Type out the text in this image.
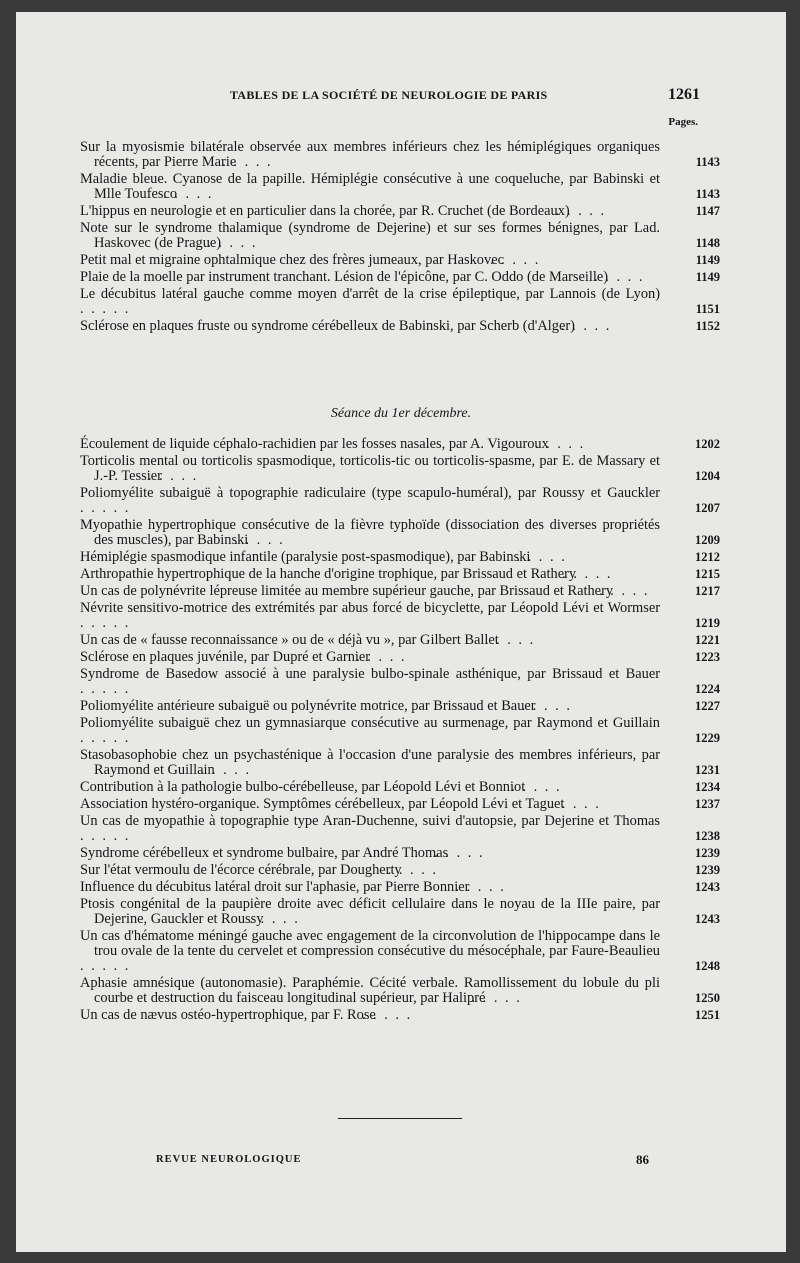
TABLES DE LA SOCIÉTÉ DE NEUROLOGIE DE PARIS	1261
Pages.
Sur la myosismie bilatérale observée aux membres inférieurs chez les hémiplégiques organiques récents, par Pierre Marie. . . . .	1143
Maladie bleue. Cyanose de la papille. Hémiplégie consécutive à une coqueluche, par Babinski et Mlle Toufesco. . . . .	1143
L'hippus en neurologie et en particulier dans la chorée, par R. Cruchet (de Bordeaux). . . . .	1147
Note sur le syndrome thalamique (syndrome de Dejerine) et sur ses formes bénignes, par Lad. Haskovec (de Prague). . . . .	1148
Petit mal et migraine ophtalmique chez des frères jumeaux, par Haskovec. . . . .	1149
Plaie de la moelle par instrument tranchant. Lésion de l'épicône, par C. Oddo (de Marseille). . . . .	1149
Le décubitus latéral gauche comme moyen d'arrêt de la crise épileptique, par Lannois (de Lyon). . . . .	1151
Sclérose en plaques fruste ou syndrome cérébelleux de Babinski, par Scherb (d'Alger). . . . .	1152
Séance du 1er décembre.
Écoulement de liquide céphalo-rachidien par les fosses nasales, par A. Vigouroux. . . . .	1202
Torticolis mental ou torticolis spasmodique, torticolis-tic ou torticolis-spasme, par E. de Massary et J.-P. Tessier. . . . .	1204
Poliomyélite subaiguë à topographie radiculaire (type scapulo-huméral), par Roussy et Gauckler. . . . .	1207
Myopathie hypertrophique consécutive de la fièvre typhoïde (dissociation des diverses propriétés des muscles), par Babinski. . . . .	1209
Hémiplégie spasmodique infantile (paralysie post-spasmodique), par Babinski. . . . .	1212
Arthropathie hypertrophique de la hanche d'origine trophique, par Brissaud et Rathery. . . . .	1215
Un cas de polynévrite lépreuse limitée au membre supérieur gauche, par Brissaud et Rathery. . . . .	1217
Névrite sensitivo-motrice des extrémités par abus forcé de bicyclette, par Léopold Lévi et Wormser. . . . .	1219
Un cas de « fausse reconnaissance » ou de « déjà vu », par Gilbert Ballet. . . . .	1221
Sclérose en plaques juvénile, par Dupré et Garnier. . . . .	1223
Syndrome de Basedow associé à une paralysie bulbo-spinale asthénique, par Brissaud et Bauer. . . . .	1224
Poliomyélite antérieure subaiguë ou polynévrite motrice, par Brissaud et Bauer. . . . .	1227
Poliomyélite subaiguë chez un gymnasiarque consécutive au surmenage, par Raymond et Guillain. . . . .	1229
Stasobasophobie chez un psychasténique à l'occasion d'une paralysie des membres inférieurs, par Raymond et Guillain. . . . .	1231
Contribution à la pathologie bulbo-cérébelleuse, par Léopold Lévi et Bonniot. . . . .	1234
Association hystéro-organique. Symptômes cérébelleux, par Léopold Lévi et Taguet. . . . .	1237
Un cas de myopathie à topographie type Aran-Duchenne, suivi d'autopsie, par Dejerine et Thomas. . . . .	1238
Syndrome cérébelleux et syndrome bulbaire, par André Thomas. . . . .	1239
Sur l'état vermoulu de l'écorce cérébrale, par Dougherty. . . . .	1239
Influence du décubitus latéral droit sur l'aphasie, par Pierre Bonnier. . . . .	1243
Ptosis congénital de la paupière droite avec déficit cellulaire dans le noyau de la IIIe paire, par Dejerine, Gauckler et Roussy. . . . .	1243
Un cas d'hématome méningé gauche avec engagement de la circonvolution de l'hippocampe dans le trou ovale de la tente du cervelet et compression consécutive du mésocéphale, par Faure-Beaulieu. . . . .	1248
Aphasie amnésique (autonomasie). Paraphémie. Cécité verbale. Ramollissement du lobule du pli courbe et destruction du faisceau longitudinal supérieur, par Halipré. . . . .	1250
Un cas de nævus ostéo-hypertrophique, par F. Rose. . . . .	1251
REVUE NEUROLOGIQUE	86
